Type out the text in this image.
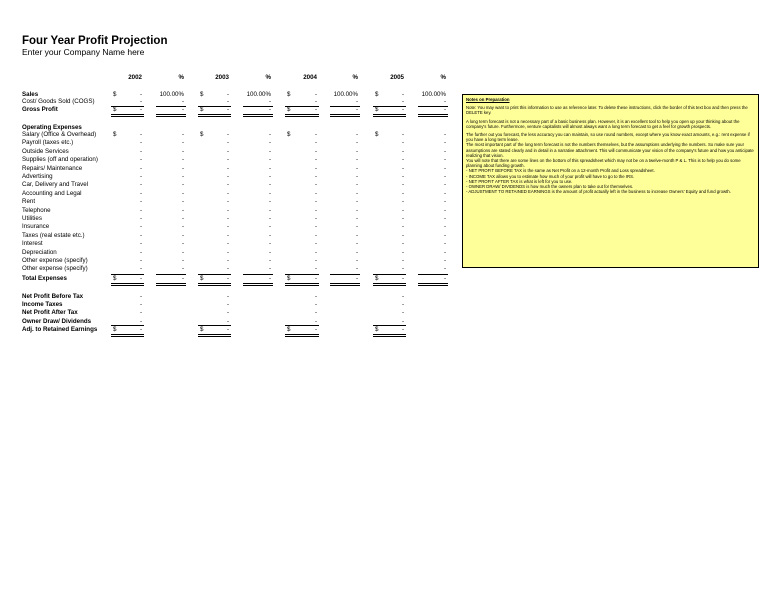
Four Year Profit Projection
Enter your Company Name here
2002	%	2003	%	2004	%	2005	%
Sales	$	-	100.00%	$	-	100.00%	$	-	100.00%	$	-	100.00%
Cost/ Goods Sold (COGS)	-	-	-	-	-	-	-	-
Gross Profit	$	-	-	$	-	-	$	-	-	$	-	-
Operating Expenses
Salary (Office & Overhead)	$	-	-	$	-	-	$	-	-	$	-	-
Payroll (taxes etc.)	-	-	-	-	-	-	-	-
Outside Services	-	-	-	-	-	-	-	-
Supplies (off and operation)	-	-	-	-	-	-	-	-
Repairs/ Maintenance	-	-	-	-	-	-	-	-
Advertising	-	-	-	-	-	-	-	-
Car, Delivery and Travel	-	-	-	-	-	-	-	-
Accounting and Legal	-	-	-	-	-	-	-	-
Rent	-	-	-	-	-	-	-	-
Telephone	-	-	-	-	-	-	-	-
Utilities	-	-	-	-	-	-	-	-
Insurance	-	-	-	-	-	-	-	-
Taxes (real estate etc.)	-	-	-	-	-	-	-	-
Interest	-	-	-	-	-	-	-	-
Depreciation	-	-	-	-	-	-	-	-
Other expense (specify)	-	-	-	-	-	-	-	-
Other expense (specify)	-	-	-	-	-	-	-	-
Total Expenses	$	-	-	$	-	-	$	-	-	$	-	-
Net Profit Before Tax	-	-	-	-
Income Taxes	-	-	-	-
Net Profit After Tax	-	-	-	-
Owner Draw/ Dividends	-	-	-	-
Adj. to Retained Earnings	$	-	$	-	$	-	$	-
Notes on Preparation

Note: You may want to print this information to use as reference later. To delete these instructions, click the border of this text box and then press the DELETE key.

A long term forecast is not a necessary part of a basic business plan. However, it is an excellent tool to help you open up your thinking about the company's future. Furthermore, venture capitalists will almost always want a long term forecast to get a feel for growth prospects.

The further out you forecast, the less accuracy you can maintain, so use round numbers, except where you know exact amounts, e.g.: rent expense if you have a long term lease.

The most important part of the long term forecast is not the numbers themselves, but the assumptions underlying the numbers. So make sure your assumptions are stated clearly and in detail in a narrative attachment. This will communicate your vision of the company's future and how you anticipate realizing that vision.

You will note that there are some lines on the bottom of this spreadsheet which may not be on a twelve-month P & L. This is to help you do some planning about funding growth.

- NET PROFIT BEFORE TAX is the same as Net Profit on a 12-month Profit and Loss spreadsheet.
- INCOME TAX allows you to estimate how much of your profit will have to go to the IRS.
- NET PROFIT AFTER TAX is what is left for you to use.
- OWNER DRAW/ DIVIDENDS is how much the owners plan to take out for themselves.
- ADJUSTMENT TO RETAINED EARNINGS is the amount of profit actually left in the business to increase Owners' Equity and fund growth.
